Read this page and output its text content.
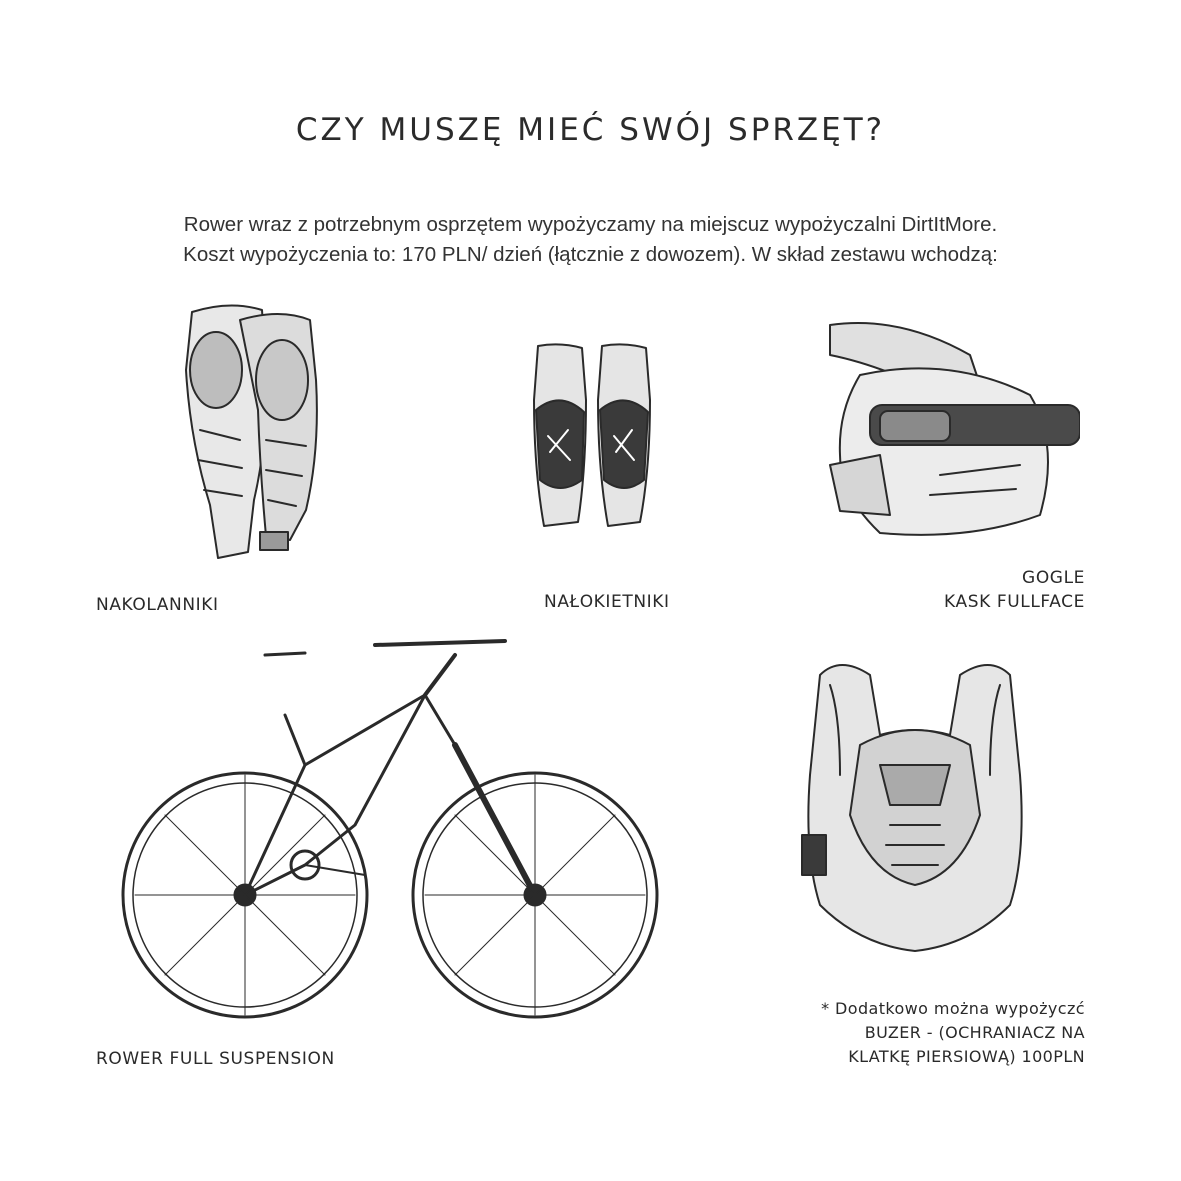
CZY MUSZĘ MIEĆ SWÓJ SPRZĘT?
Rower wraz z potrzebnym osprzętem wypożyczamy na miejscuz wypożyczalni DirtItMore.
Koszt wypożyczenia to: 170 PLN/ dzień (łątcznie z dowozem). W skład zestawu wchodzą:
NAKOLANNIKI	NAŁOKIETNIKI
GOGLE
KASK FULLFACE
ROWER FULL SUSPENSION
* Dodatkowo można wypożyczć
BUZER - (OCHRANIACZ NA
KLATKĘ PIERSIOWĄ) 100PLN
